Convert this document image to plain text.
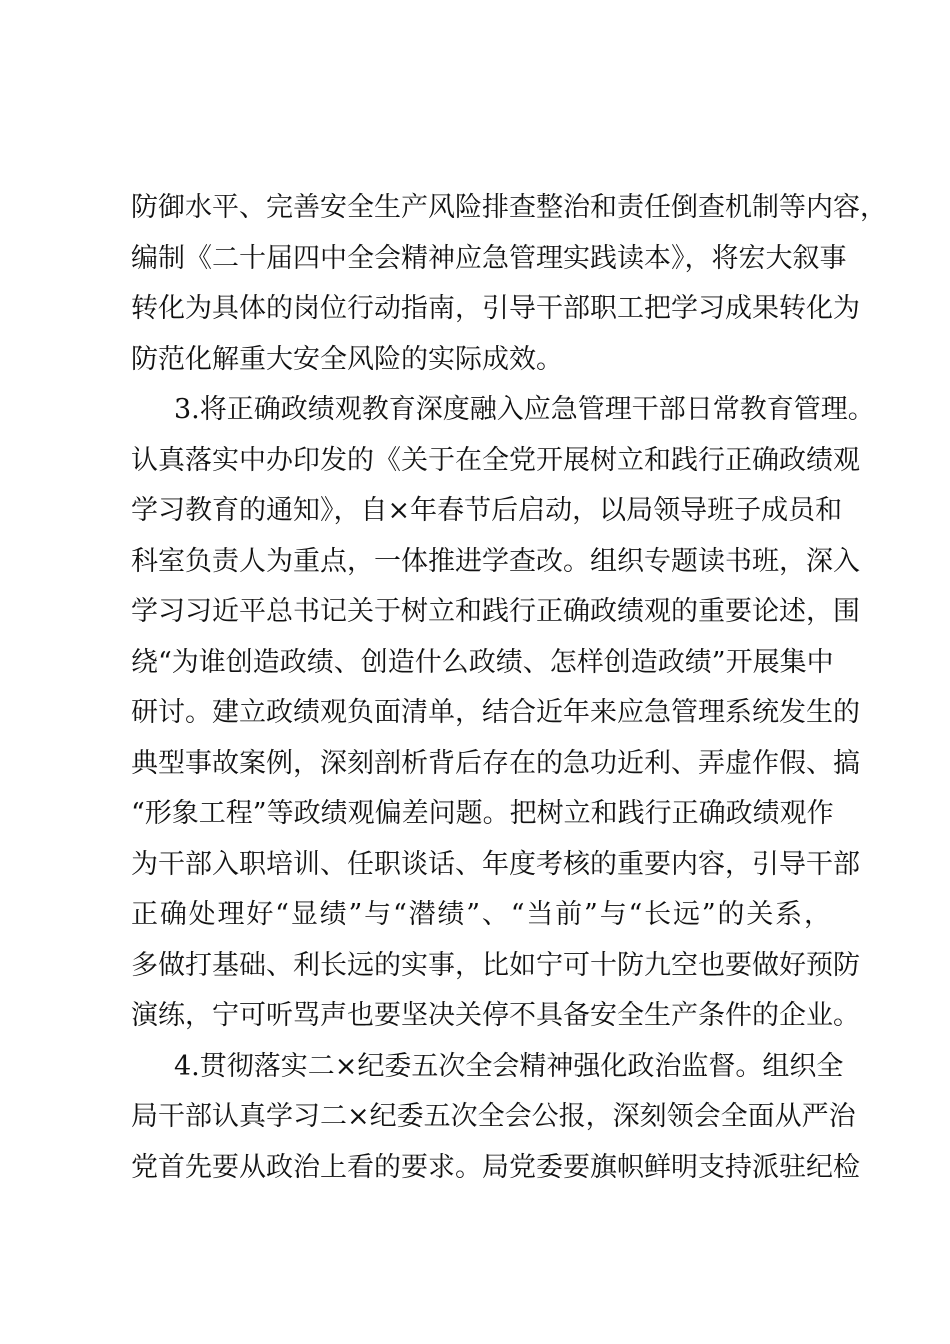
防御水平、完善安全生产风险排查整治和责任倒查机制等内容，
编制《二十届四中全会精神应急管理实践读本》，将宏大叙事
转化为具体的岗位行动指南，引导干部职工把学习成果转化为
防范化解重大安全风险的实际成效。
3.将正确政绩观教育深度融入应急管理干部日常教育管理。
认真落实中办印发的《关于在全党开展树立和践行正确政绩观
学习教育的通知》，自×年春节后启动，以局领导班子成员和
科室负责人为重点，一体推进学查改。组织专题读书班，深入
学习习近平总书记关于树立和践行正确政绩观的重要论述，围
绕“为谁创造政绩、创造什么政绩、怎样创造政绩”开展集中
研讨。建立政绩观负面清单，结合近年来应急管理系统发生的
典型事故案例，深刻剖析背后存在的急功近利、弄虚作假、搞
“形象工程”等政绩观偏差问题。把树立和践行正确政绩观作
为干部入职培训、任职谈话、年度考核的重要内容，引导干部
正确处理好“显绩”与“潜绩”、“当前”与“长远”的关系，
多做打基础、利长远的实事，比如宁可十防九空也要做好预防
演练，宁可听骂声也要坚决关停不具备安全生产条件的企业。
4.贯彻落实二×纪委五次全会精神强化政治监督。组织全
局干部认真学习二×纪委五次全会公报，深刻领会全面从严治
党首先要从政治上看的要求。局党委要旗帜鲜明支持派驻纪检
